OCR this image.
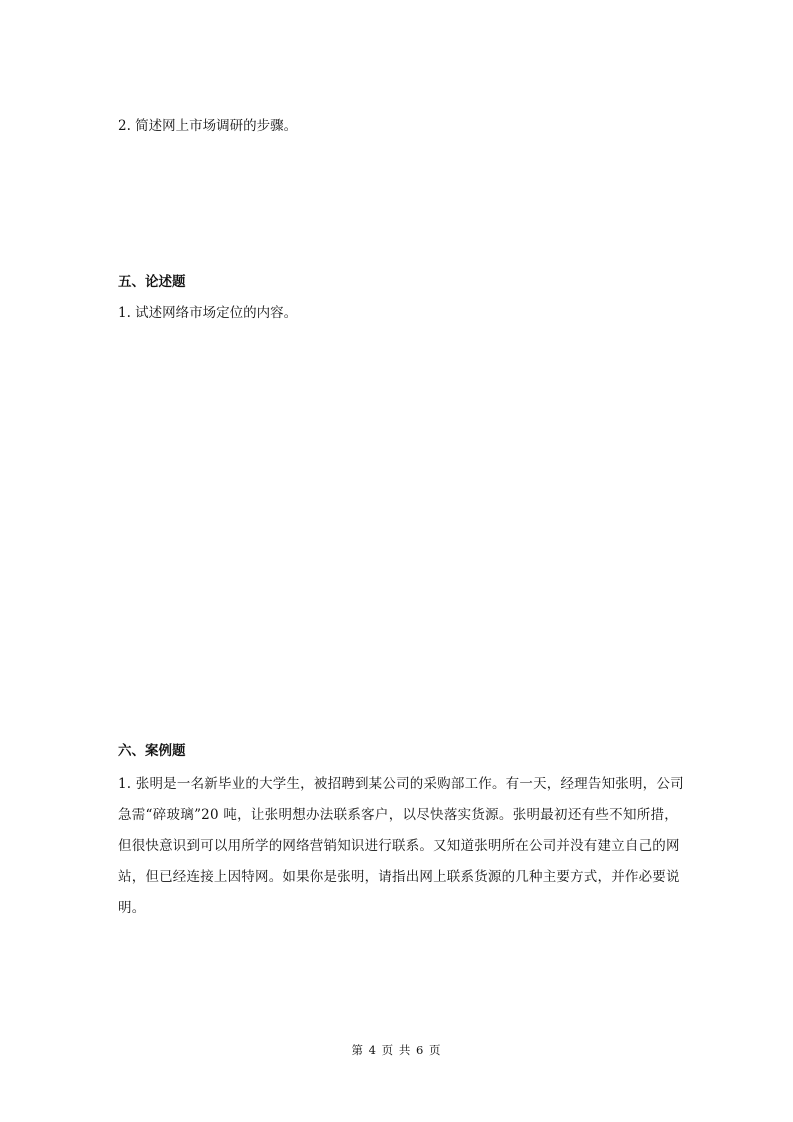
2. 简述网上市场调研的步骤。
五、论述题
1. 试述网络市场定位的内容。
六、案例题
1. 张明是一名新毕业的大学生，被招聘到某公司的采购部工作。有一天，经理告知张明，公司
急需“碎玻璃”20 吨，让张明想办法联系客户，以尽快落实货源。张明最初还有些不知所措，
但很快意识到可以用所学的网络营销知识进行联系。又知道张明所在公司并没有建立自己的网
站，但已经连接上因特网。如果你是张明，请指出网上联系货源的几种主要方式，并作必要说
明。
第 4 页 共 6 页
